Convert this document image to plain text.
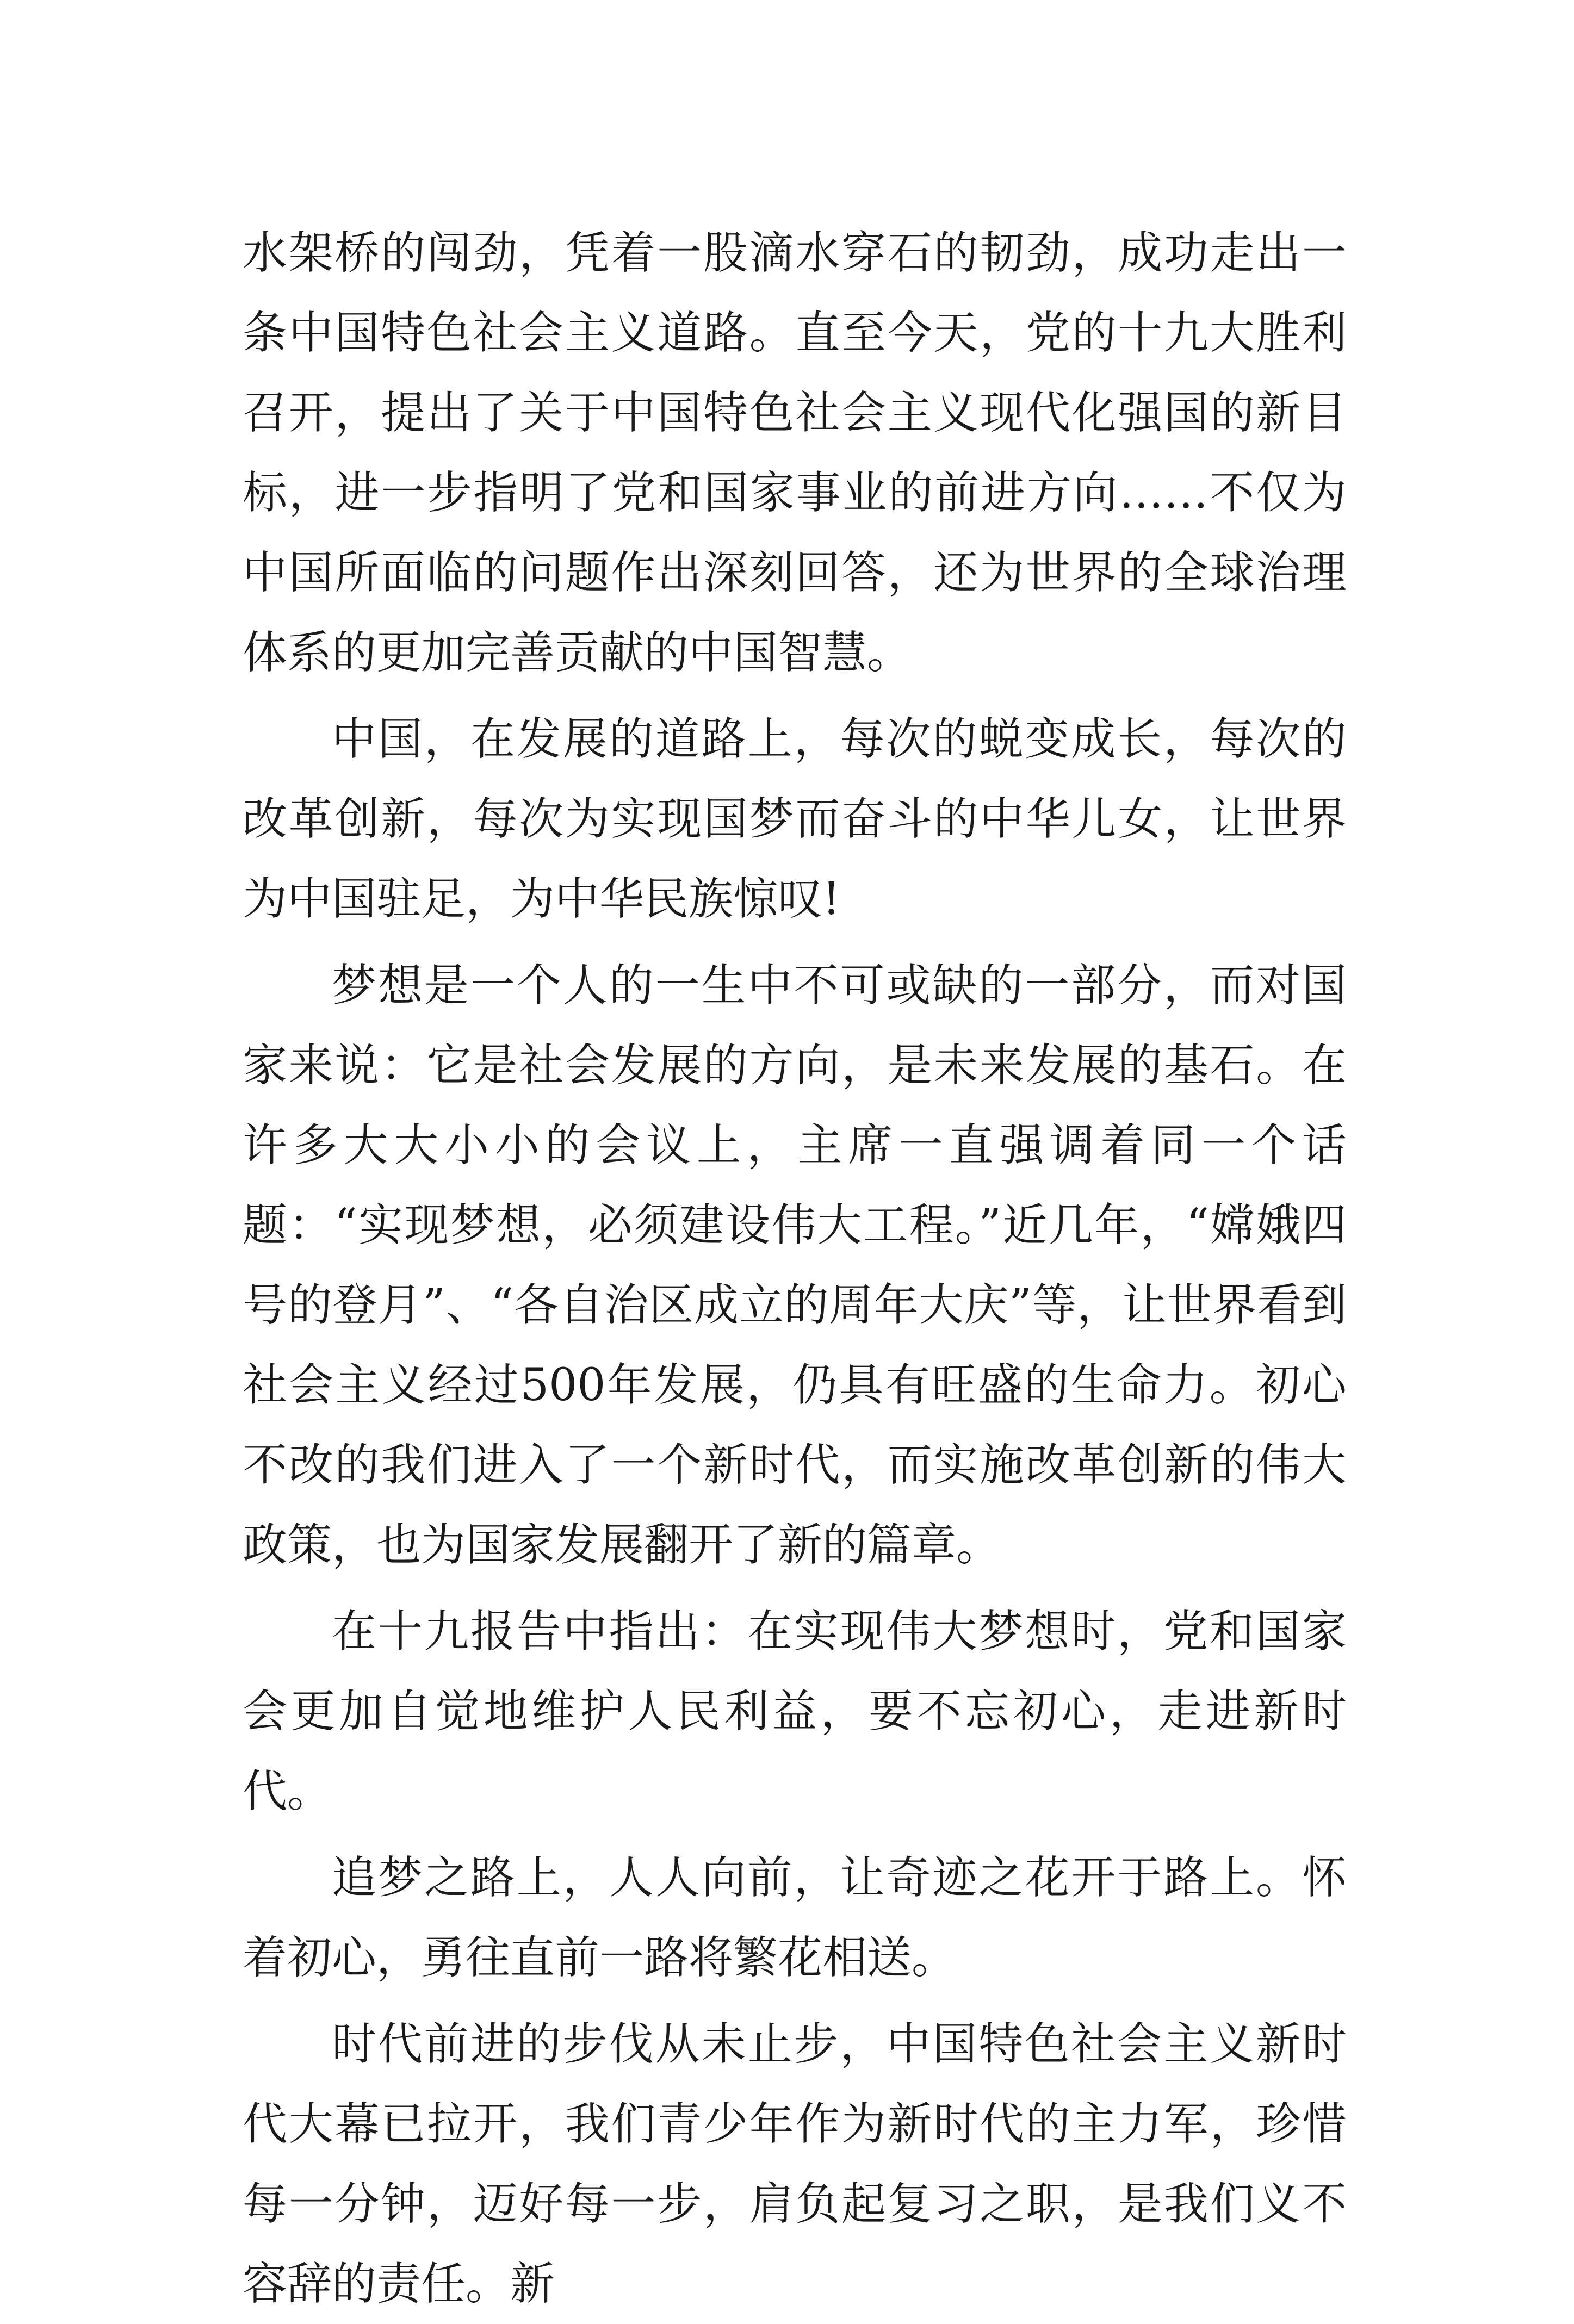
水架桥的闯劲，凭着一股滴水穿石的韧劲，成功走出一条中国特色社会主义道路。直至今天，党的十九大胜利召开，提出了关于中国特色社会主义现代化强国的新目标，进一步指明了党和国家事业的前进方向……不仅为中国所面临的问题作出深刻回答，还为世界的全球治理体系的更加完善贡献的中国智慧。

中国，在发展的道路上，每次的蜕变成长，每次的改革创新，每次为实现国梦而奋斗的中华儿女，让世界为中国驻足，为中华民族惊叹!

梦想是一个人的一生中不可或缺的一部分，而对国家来说：它是社会发展的方向，是未来发展的基石。在许多大大小小的会议上，主席一直强调着同一个话题：“实现梦想，必须建设伟大工程。”近几年，“嫦娥四号的登月”、“各自治区成立的周年大庆”等，让世界看到社会主义经过500年发展，仍具有旺盛的生命力。初心不改的我们进入了一个新时代，而实施改革创新的伟大政策，也为国家发展翻开了新的篇章。

在十九报告中指出：在实现伟大梦想时，党和国家会更加自觉地维护人民利益，要不忘初心，走进新时代。

追梦之路上，人人向前，让奇迹之花开于路上。怀着初心，勇往直前一路将繁花相送。

时代前进的步伐从未止步，中国特色社会主义新时代大幕已拉开，我们青少年作为新时代的主力军，珍惜每一分钟，迈好每一步，肩负起复习之职，是我们义不容辞的责任。新
